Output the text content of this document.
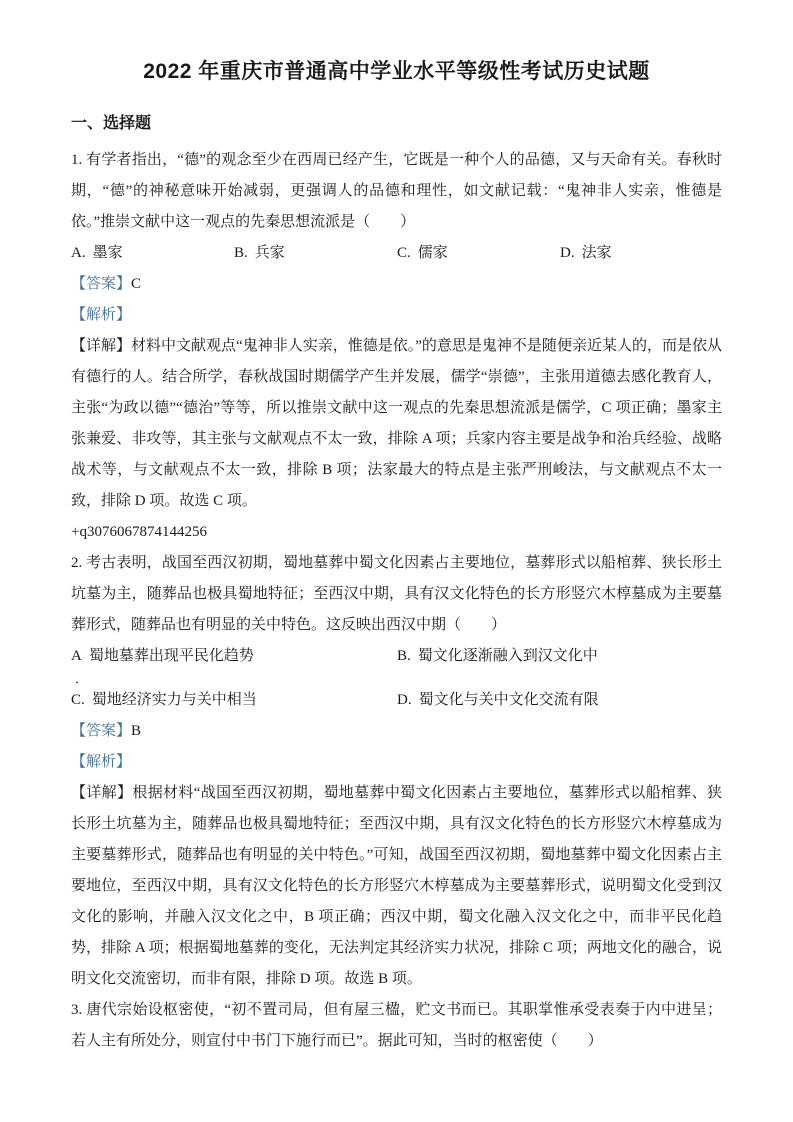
2022 年重庆市普通高中学业水平等级性考试历史试题
一、选择题

1. 有学者指出，“德”的观念至少在西周已经产生，它既是一种个人的品德，又与天命有关。春秋时期，“德”的神秘意味开始减弱，更强调人的品德和理性，如文献记载：“鬼神非人实亲，惟德是依。”推崇文献中这一观点的先秦思想流派是（　　）

A. 墨家	B. 兵家	C. 儒家	D. 法家

【答案】C

【解析】

【详解】材料中文献观点“鬼神非人实亲，惟德是依。”的意思是鬼神不是随便亲近某人的，而是依从有德行的人。结合所学，春秋战国时期儒学产生并发展，儒学“崇德”，主张用道德去感化教育人，主张“为政以德”“德治”等等，所以推崇文献中这一观点的先秦思想流派是儒学，C 项正确；墨家主张兼爱、非攻等，其主张与文献观点不太一致，排除 A 项；兵家内容主要是战争和治兵经验、战略战术等，与文献观点不太一致，排除 B 项；法家最大的特点是主张严刑峻法，与文献观点不太一致，排除 D 项。故选 C 项。

+q3076067874144256

2. 考古表明，战国至西汉初期，蜀地墓葬中蜀文化因素占主要地位，墓葬形式以船棺葬、狭长形土坑墓为主，随葬品也极具蜀地特征；至西汉中期，具有汉文化特色的长方形竖穴木椁墓成为主要墓葬形式，随葬品也有明显的关中特色。这反映出西汉中期（　　）

A 蜀地墓葬出现平民化趋势	B. 蜀文化逐渐融入到汉文化中
．
C. 蜀地经济实力与关中相当	D. 蜀文化与关中文化交流有限

【答案】B

【解析】

【详解】根据材料“战国至西汉初期，蜀地墓葬中蜀文化因素占主要地位，墓葬形式以船棺葬、狭长形土坑墓为主，随葬品也极具蜀地特征；至西汉中期，具有汉文化特色的长方形竖穴木椁墓成为主要墓葬形式，随葬品也有明显的关中特色。”可知，战国至西汉初期，蜀地墓葬中蜀文化因素占主要地位，至西汉中期，具有汉文化特色的长方形竖穴木椁墓成为主要墓葬形式，说明蜀文化受到汉文化的影响，并融入汉文化之中，B 项正确；西汉中期，蜀文化融入汉文化之中，而非平民化趋势，排除 A 项；根据蜀地墓葬的变化，无法判定其经济实力状况，排除 C 项；两地文化的融合，说明文化交流密切，而非有限，排除 D 项。故选 B 项。

3. 唐代宗始设枢密使，“初不置司局，但有屋三楹，贮文书而已。其职掌惟承受表奏于内中进呈；若人主有所处分，则宣付中书门下施行而已”。据此可知，当时的枢密使（　　）
